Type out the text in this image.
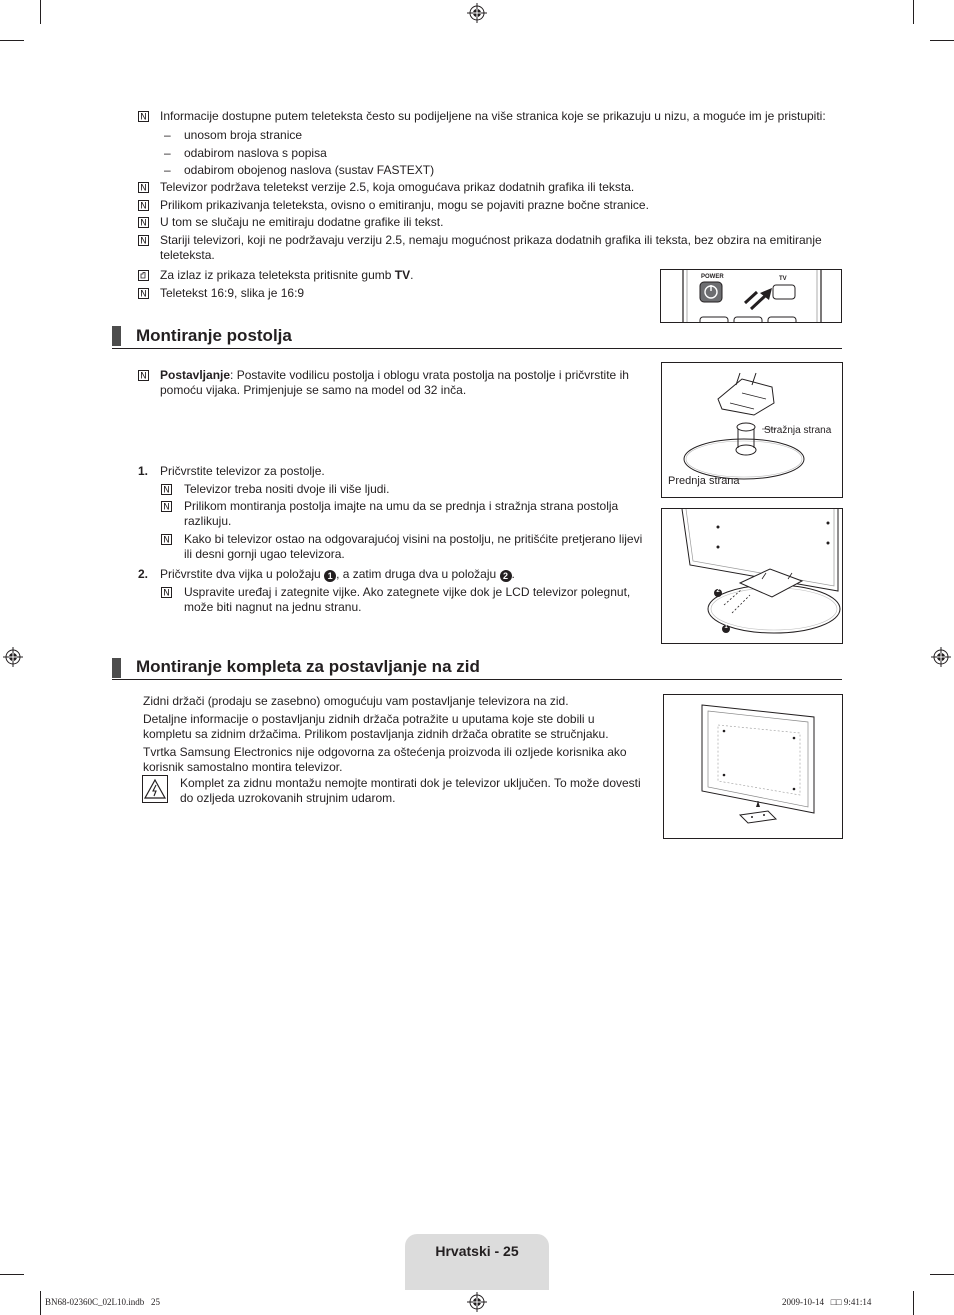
N Informacije dostupne putem teleteksta često su podijeljene na više stranica koje se prikazuju u nizu, a moguće im je pristupiti:
– unosom broja stranice
– odabirom naslova s popisa
– odabirom obojenog naslova (sustav FASTEXT)
N Televizor podržava teletekst verzije 2.5, koja omogućava prikaz dodatnih grafika ili teksta.
N Prilikom prikazivanja teleteksta, ovisno o emitiranju, mogu se pojaviti prazne bočne stranice.
N U tom se slučaju ne emitiraju dodatne grafike ili tekst.
N Stariji televizori, koji ne podržavaju verziju 2.5, nemaju mogućnost prikaza dodatnih grafika ili teksta, bez obzira na emitiranje
teleteksta.
Za izlaz iz prikaza teleteksta pritisnite gumb TV.
N Teletekst 16:9, slika je 16:9
POWER	TV
Montiranje postolja
N Postavljanje: Postavite vodilicu postolja i oblogu vrata postolja na postolje i pričvrstite ih
pomoću vijaka. Primjenjuje se samo na model od 32 inča.
Stražnja strana
Prednja strana
1. Pričvrstite televizor za postolje.
N Televizor treba nositi dvoje ili više ljudi.
N Prilikom montiranja postolja imajte na umu da se prednja i stražnja strana postolja
razlikuju.
N Kako bi televizor ostao na odgovarajućoj visini na postolju, ne pritišćite pretjerano lijevi
ili desni gornji ugao televizora.
2. Pričvrstite dva vijka u položaju 1 , a zatim druga dva u položaju 2 .
N Uspravite uređaj i zategnite vijke. Ako zategnete vijke dok je LCD televizor polegnut,
može biti nagnut na jednu stranu.
2
1
Montiranje kompleta za postavljanje na zid
Zidni držači (prodaju se zasebno) omogućuju vam postavljanje televizora na zid.
Detaljne informacije o postavljanju zidnih držača potražite u uputama koje ste dobili u
kompletu sa zidnim držačima. Prilikom postavljanja zidnih držača obratite se stručnjaku.
Tvrtka Samsung Electronics nije odgovorna za oštećenja proizvoda ili ozljede korisnika ako
korisnik samostalno montira televizor.
Komplet za zidnu montažu nemojte montirati dok je televizor uključen. To može dovesti
do ozljeda uzrokovanih strujnim udarom.
Hrvatski - 25
BN68-02360C_02L10.indb   25	2009-10-14   □□ 9:41:14
